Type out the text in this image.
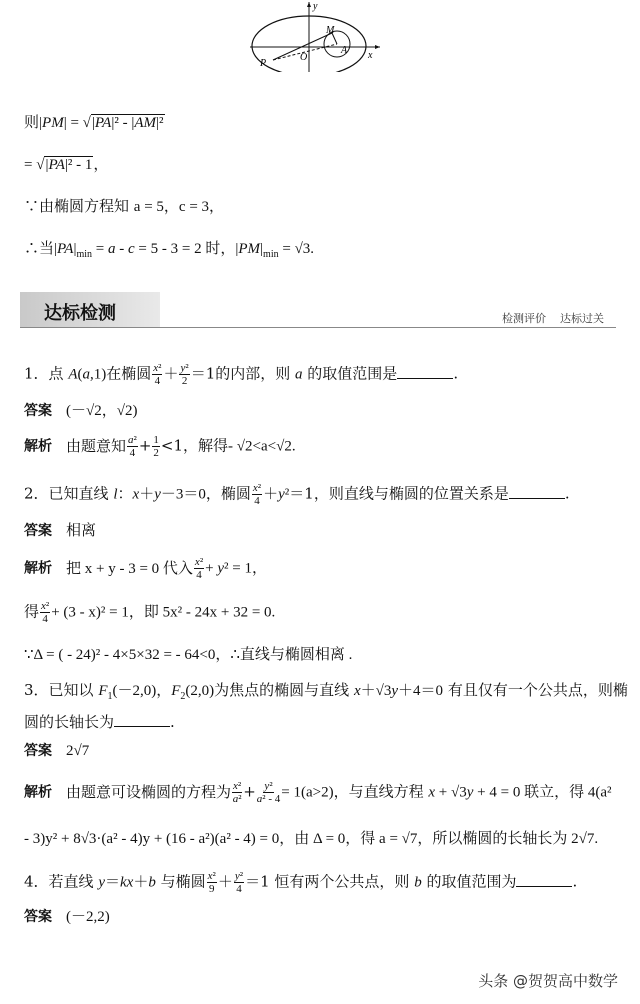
y
x
M
A
P
O
则|PM| = √|PA|² - |AM|²
= √|PA|² - 1，
∵由椭圆方程知 a = 5，c = 3，
∴当$|PA|_{min} = a - c = 5 - 3 = 2$ 时，$|PM|_{min} = √3$.
达标检测	检测评价 达标过关
1．点 A(a,1)在椭圆 $\frac{\text{x²}}{4} + \frac{\text{y²}}{2} =1$的内部，则 a 的取值范围是	.
答案 (－√2，√2)
解析 由题意知 $\frac{\text{a²}}{4} + \frac{1}{2} <1$，解得- √2<a<√2.
2．已知直线 l：x＋y－3＝0，椭圆 $\frac{\text{x²}}{4} +y^2=1$，则直线与椭圆的位置关系是	.
答案 相离
解析 把 x + y - 3 = 0 代入 $\frac{\text{x²}}{4} + y^2 = 1$，
得 $\frac{\text{x²}}{4} + (3 - x)^2 = 1$，即 5x² - 24x + 32 = 0.
∵Δ = ( - 24)² - 4×5×32 = - 64<0，∴直线与椭圆相离 .
3．已知以 $F_1(-2,0)$，$F_2(2,0)$为焦点的椭圆与直线 x＋√3y＋4＝0 有且仅有一个公共点，则椭
圆的长轴长为	.
答案 2√7
解析 由题意可设椭圆的方程为 $\frac{\text{x²}}{\text{a²}} + \frac{\text{y²}}{\text{a² - 4}} = 1(a>2)$，与直线方程 x + √3y + 4 = 0 联立，得 4(a²
- 3)y² + 8√3·(a² - 4)y + (16 - a²)(a² - 4) = 0，由 Δ = 0，得 a = √7，所以椭圆的长轴长为 2√7.
4．若直线 y＝kx＋b 与椭圆 $\frac{\text{x²}}{9} + \frac{\text{y²}}{4} =1$ 恒有两个公共点，则 b 的取值范围为	.
答案 (－2,2)
头条 @贺贺高中数学
